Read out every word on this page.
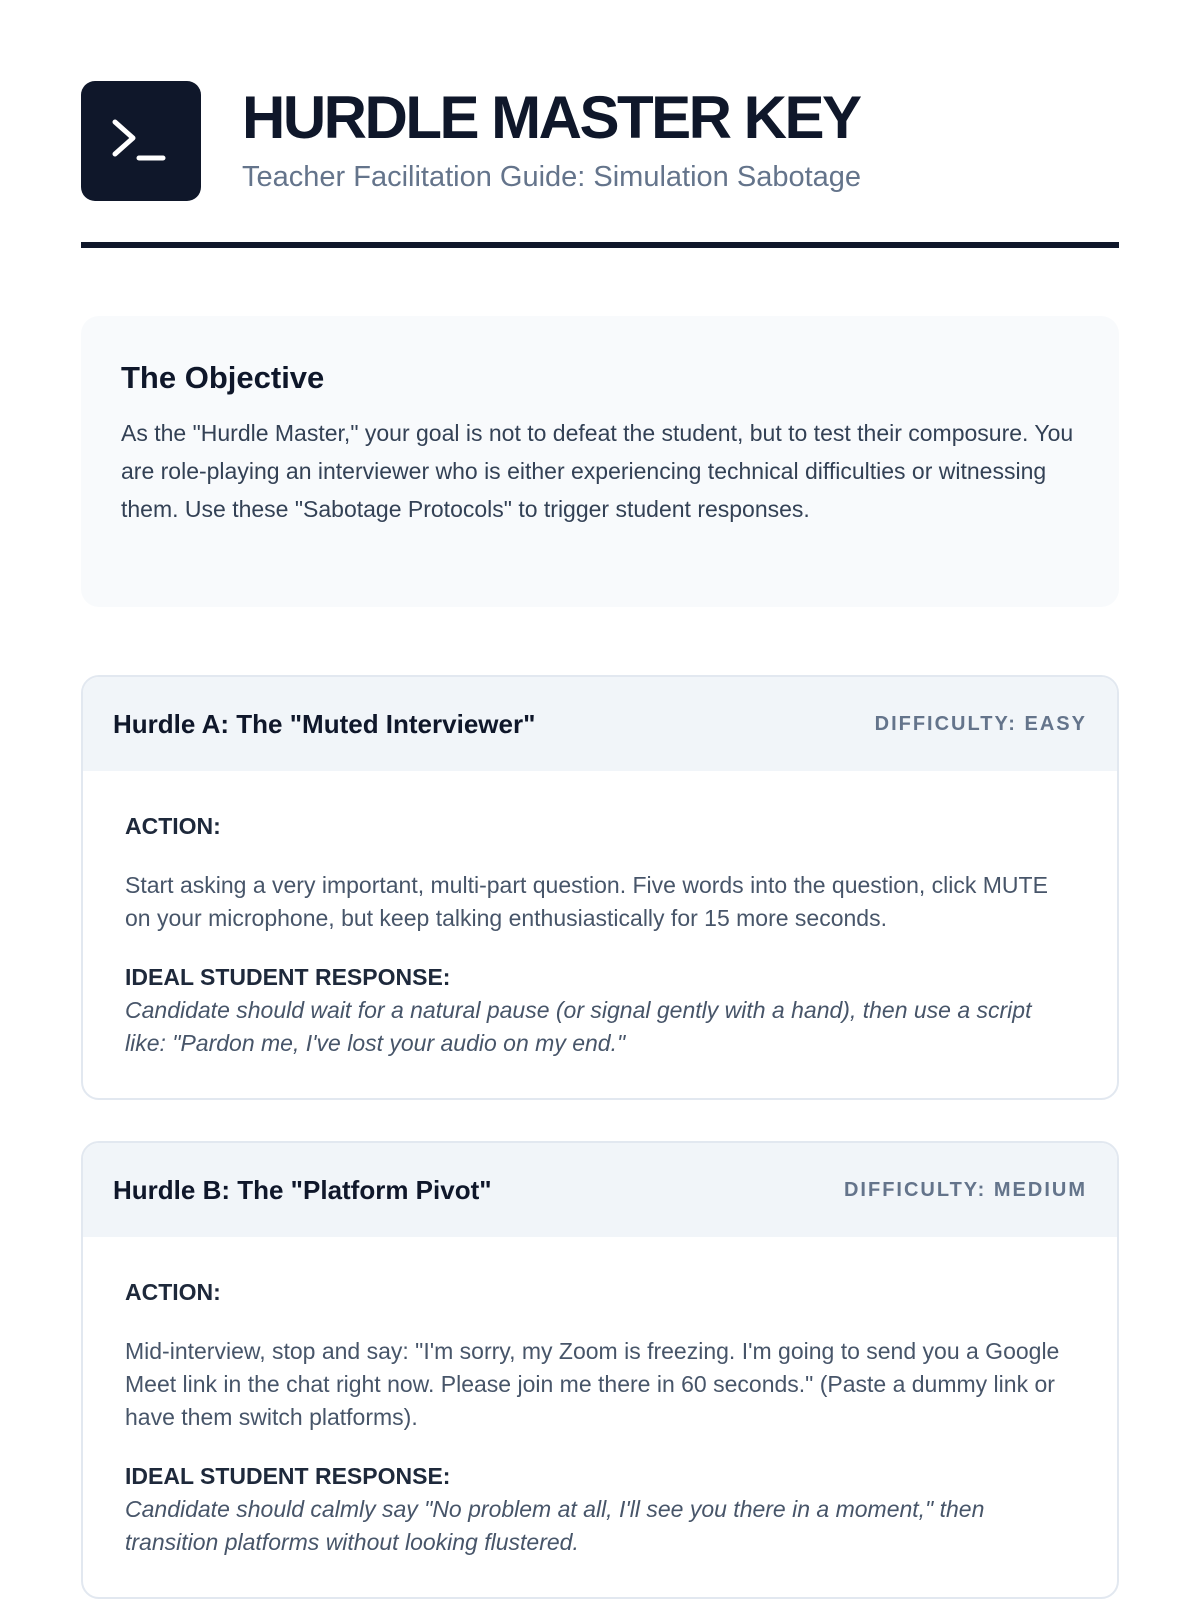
HURDLE MASTER KEY
Teacher Facilitation Guide: Simulation Sabotage
The Objective

As the "Hurdle Master," your goal is not to defeat the student, but to test their composure. You are role-playing an interviewer who is either experiencing technical difficulties or witnessing them. Use these "Sabotage Protocols" to trigger student responses.

Hurdle A: The "Muted Interviewer"	DIFFICULTY: EASY
ACTION:

Start asking a very important, multi-part question. Five words into the question, click MUTE on your microphone, but keep talking enthusiastically for 15 more seconds.

IDEAL STUDENT RESPONSE:

Candidate should wait for a natural pause (or signal gently with a hand), then use a script like: "Pardon me, I've lost your audio on my end."

Hurdle B: The "Platform Pivot"	DIFFICULTY: MEDIUM
ACTION:

Mid-interview, stop and say: "I'm sorry, my Zoom is freezing. I'm going to send you a Google Meet link in the chat right now. Please join me there in 60 seconds." (Paste a dummy link or have them switch platforms).

IDEAL STUDENT RESPONSE:

Candidate should calmly say "No problem at all, I'll see you there in a moment," then transition platforms without looking flustered.
